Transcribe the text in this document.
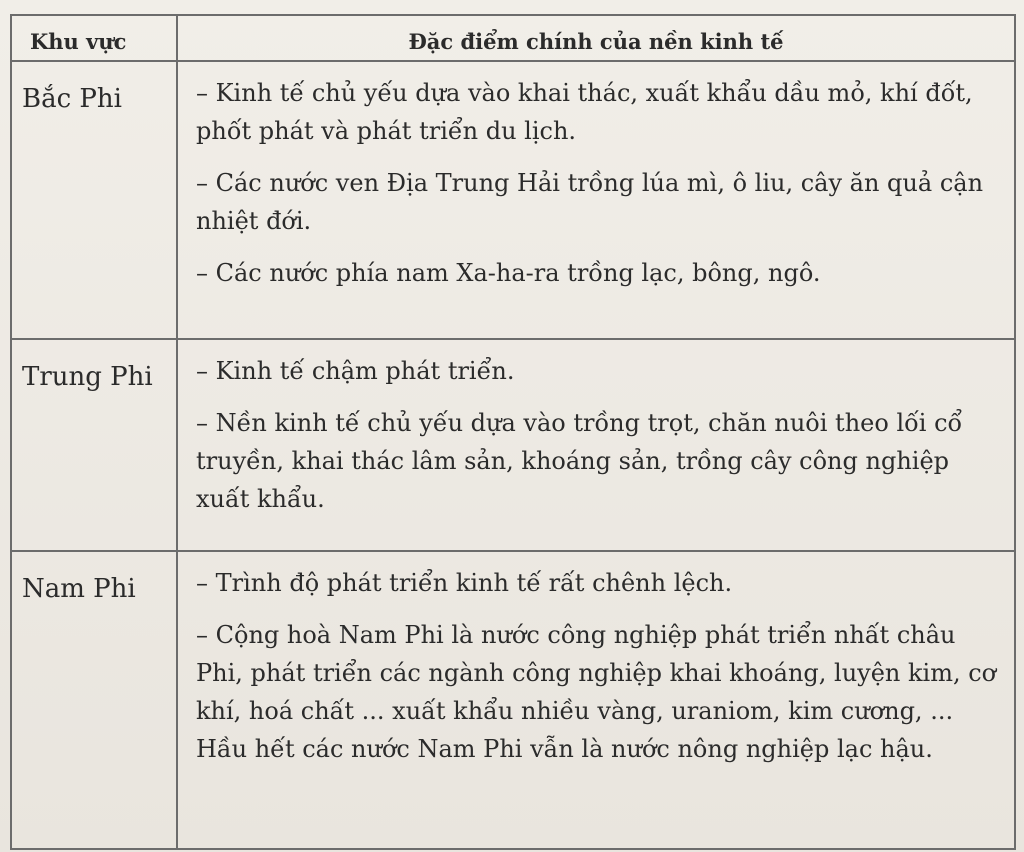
Khu vực	Đặc điểm chính của nền kinh tế
Bắc Phi	– Kinh tế chủ yếu dựa vào khai thác, xuất khẩu dầu mỏ, khí đốt, phốt phát và phát triển du lịch.
– Các nước ven Địa Trung Hải trồng lúa mì, ô liu, cây ăn quả cận nhiệt đới.
– Các nước phía nam Xa-ha-ra trồng lạc, bông, ngô.

Trung Phi	– Kinh tế chậm phát triển.
– Nền kinh tế chủ yếu dựa vào trồng trọt, chăn nuôi theo lối cổ truyền, khai thác lâm sản, khoáng sản, trồng cây công nghiệp xuất khẩu.

Nam Phi	– Trình độ phát triển kinh tế rất chênh lệch.
– Cộng hoà Nam Phi là nước công nghiệp phát triển nhất châu Phi, phát triển các ngành công nghiệp khai khoáng, luyện kim, cơ khí, hoá chất ... xuất khẩu nhiều vàng, uraniom, kim cương, ... Hầu hết các nước Nam Phi vẫn là nước nông nghiệp lạc hậu.
